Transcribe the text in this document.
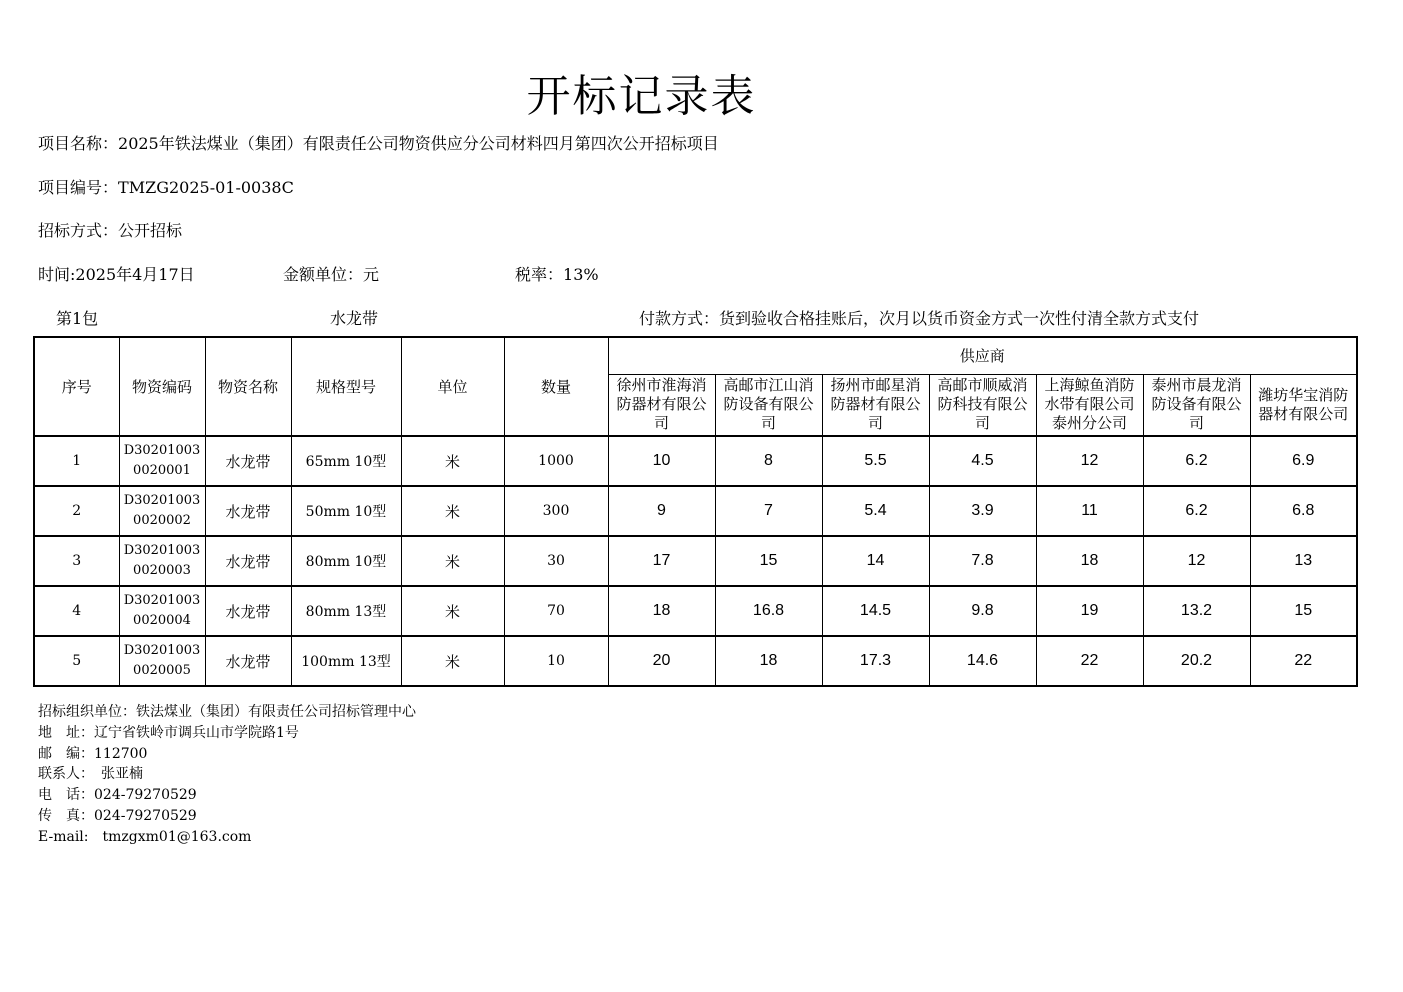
开标记录表
项目名称：2025年铁法煤业（集团）有限责任公司物资供应分公司材料四月第四次公开招标项目
项目编号：TMZG2025-01-0038C
招标方式：公开招标
时间:2025年4月17日	金额单位：元	税率：13%
第1包	水龙带	付款方式：货到验收合格挂账后，次月以货币资金方式一次性付清全款方式支付
序号	物资编码	物资名称	规格型号	单位	数量	供应商						
						徐州市淮海消防器材有限公司	高邮市江山消防设备有限公司	扬州市邮星消防器材有限公司	高邮市顺威消防科技有限公司	上海鲸鱼消防水带有限公司泰州分公司	泰州市晨龙消防设备有限公司	潍坊华宝消防器材有限公司
1	D30201003
0020001	水龙带	65mm 10型	米	1000	10	8	5.5	4.5	12	6.2	6.9
2	D30201003
0020002	水龙带	50mm 10型	米	300	9	7	5.4	3.9	11	6.2	6.8
3	D30201003
0020003	水龙带	80mm 10型	米	30	17	15	14	7.8	18	12	13
4	D30201003
0020004	水龙带	80mm 13型	米	70	18	16.8	14.5	9.8	19	13.2	15
5	D30201003
0020005	水龙带	100mm 13型	米	10	20	18	17.3	14.6	22	20.2	22
招标组织单位：铁法煤业（集团）有限责任公司招标管理中心
地　址：辽宁省铁岭市调兵山市学院路1号
邮　编：112700
联系人：　张亚楠
电　话：024-79270529
传　真：024-79270529
E-mail:　tmzgxm01@163.com
